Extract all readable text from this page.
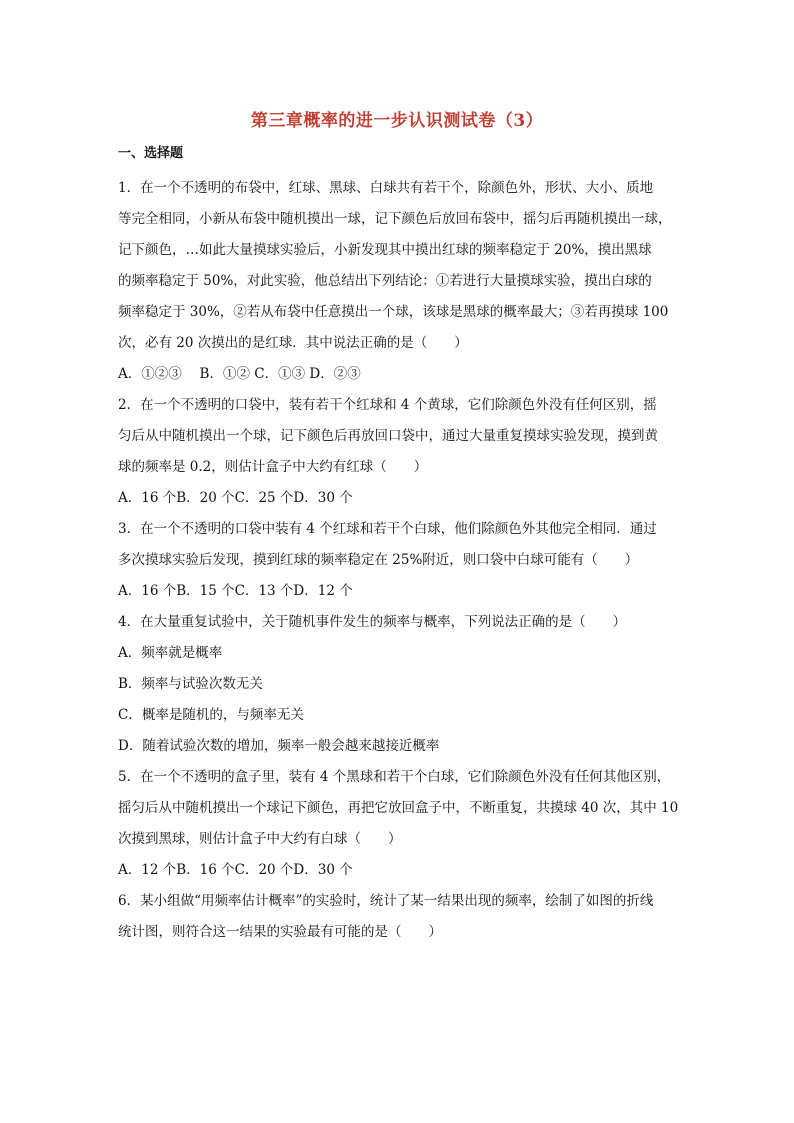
第三章概率的进一步认识测试卷（3）
一、选择题
1．在一个不透明的布袋中，红球、黑球、白球共有若干个，除颜色外，形状、大小、质地
等完全相同，小新从布袋中随机摸出一球，记下颜色后放回布袋中，摇匀后再随机摸出一球，
记下颜色，…如此大量摸球实验后，小新发现其中摸出红球的频率稳定于 20%，摸出黑球
的频率稳定于 50%，对此实验，他总结出下列结论：①若进行大量摸球实验，摸出白球的
频率稳定于 30%，②若从布袋中任意摸出一个球，该球是黑球的概率最大；③若再摸球 100
次，必有 20 次摸出的是红球．其中说法正确的是（　　）
A．①②③　 B．①② C．①③ D．②③
2．在一个不透明的口袋中，装有若干个红球和 4 个黄球，它们除颜色外没有任何区别，摇
匀后从中随机摸出一个球，记下颜色后再放回口袋中，通过大量重复摸球实验发现，摸到黄
球的频率是 0.2，则估计盒子中大约有红球（　　）
A．16 个B．20 个C．25 个D．30 个
3．在一个不透明的口袋中装有 4 个红球和若干个白球，他们除颜色外其他完全相同．通过
多次摸球实验后发现，摸到红球的频率稳定在 25%附近，则口袋中白球可能有（　　）
A．16 个B．15 个C．13 个D．12 个
4．在大量重复试验中，关于随机事件发生的频率与概率，下列说法正确的是（　　）
A．频率就是概率
B．频率与试验次数无关
C．概率是随机的，与频率无关
D．随着试验次数的增加，频率一般会越来越接近概率
5．在一个不透明的盒子里，装有 4 个黑球和若干个白球，它们除颜色外没有任何其他区别，
摇匀后从中随机摸出一个球记下颜色，再把它放回盒子中，不断重复，共摸球 40 次，其中 10
次摸到黑球，则估计盒子中大约有白球（　　）
A．12 个B．16 个C．20 个D．30 个
6．某小组做“用频率估计概率”的实验时，统计了某一结果出现的频率，绘制了如图的折线
统计图，则符合这一结果的实验最有可能的是（　　）
